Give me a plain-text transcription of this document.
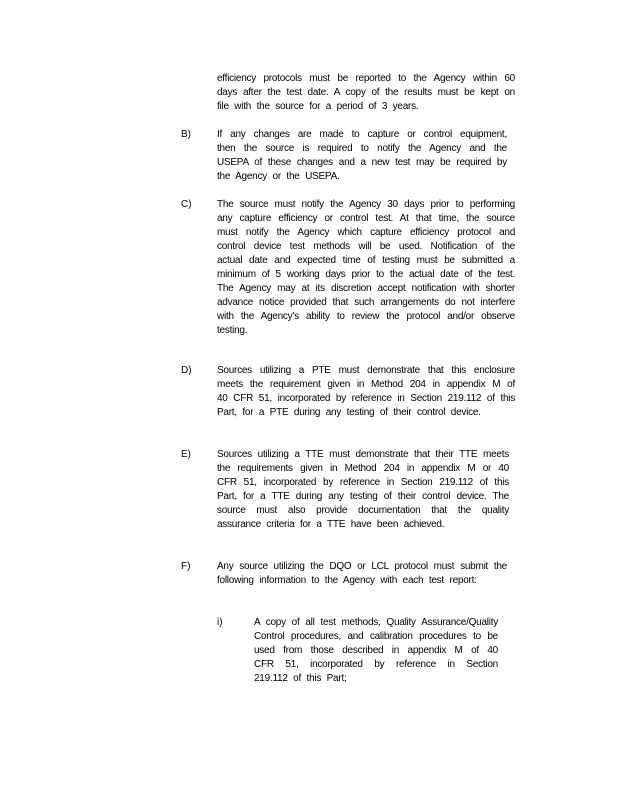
efficiency protocols must be reported to the Agency within 60 days after the test date. A copy of the results must be kept on file with the source for a period of 3 years.

B)	If any changes are made to capture or control equipment, then the source is required to notify the Agency and the USEPA of these changes and a new test may be required by the Agency or the USEPA.

C)	The source must notify the Agency 30 days prior to performing any capture efficiency or control test. At that time, the source must notify the Agency which capture efficiency protocol and control device test methods will be used. Notification of the actual date and expected time of testing must be submitted a minimum of 5 working days prior to the actual date of the test. The Agency may at its discretion accept notification with shorter advance notice provided that such arrangements do not interfere with the Agency's ability to review the protocol and/or observe testing.

D)	Sources utilizing a PTE must demonstrate that this enclosure meets the requirement given in Method 204 in appendix M of 40 CFR 51, incorporated by reference in Section 219.112 of this Part, for a PTE during any testing of their control device.

E)	Sources utilizing a TTE must demonstrate that their TTE meets the requirements given in Method 204 in appendix M or 40 CFR 51, incorporated by reference in Section 219.112 of this Part, for a TTE during any testing of their control device. The source must also provide documentation that the quality assurance criteria for a TTE have been achieved.

F)	Any source utilizing the DQO or LCL protocol must submit the following information to the Agency with each test report:

i)	A copy of all test methods, Quality Assurance/Quality Control procedures, and calibration procedures to be used from those described in appendix M of 40 CFR 51, incorporated by reference in Section 219.112 of this Part;
